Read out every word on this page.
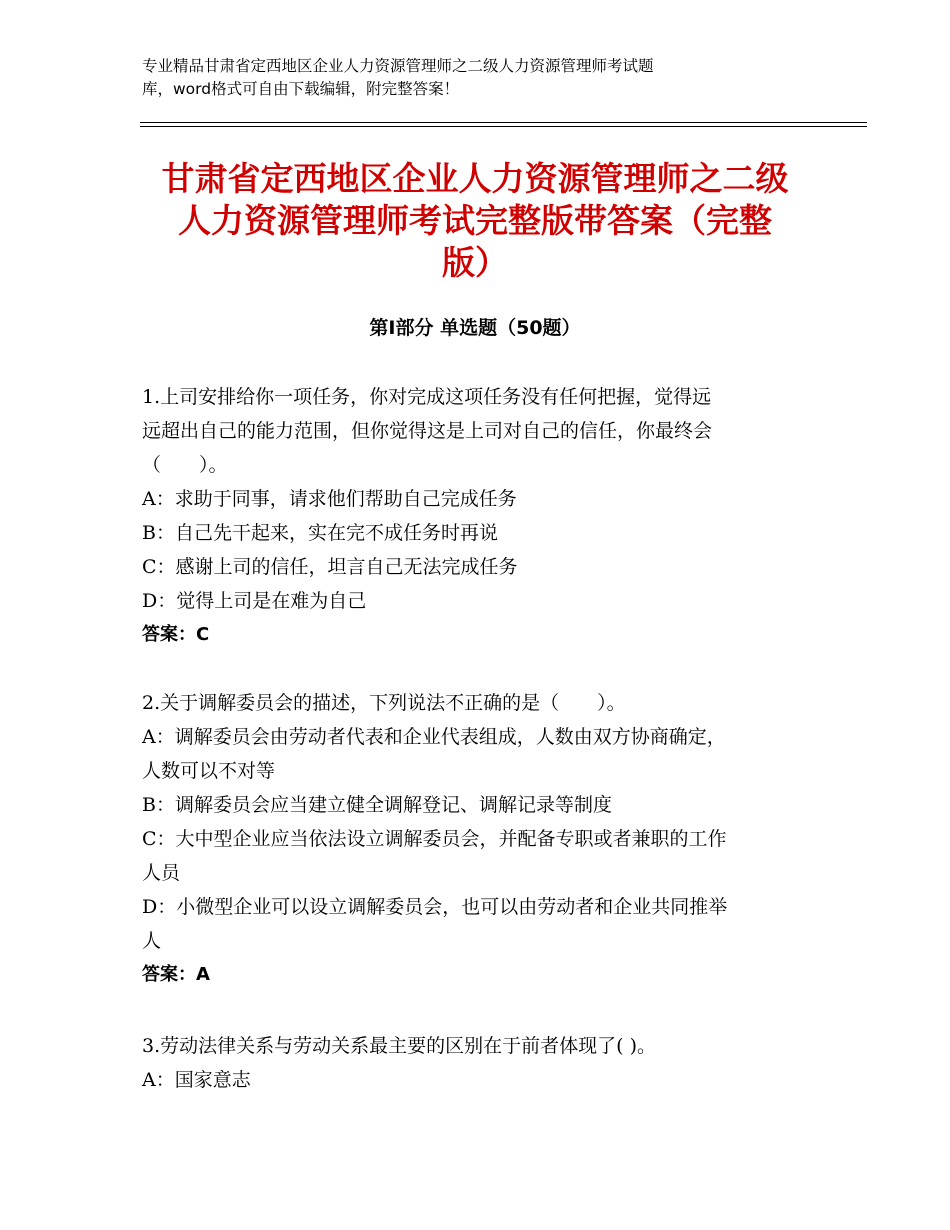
专业精品甘肃省定西地区企业人力资源管理师之二级人力资源管理师考试题
库，word格式可自由下载编辑，附完整答案！
甘肃省定西地区企业人力资源管理师之二级
人力资源管理师考试完整版带答案（完整
版）
第Ⅰ部分 单选题（50题）
1.上司安排给你一项任务，你对完成这项任务没有任何把握，觉得远
远超出自己的能力范围，但你觉得这是上司对自己的信任，你最终会
（　　）。
A：求助于同事，请求他们帮助自己完成任务
B：自己先干起来，实在完不成任务时再说
C：感谢上司的信任，坦言自己无法完成任务
D：觉得上司是在难为自己
答案：C
2.关于调解委员会的描述，下列说法不正确的是（　　）。
A：调解委员会由劳动者代表和企业代表组成，人数由双方协商确定，
人数可以不对等
B：调解委员会应当建立健全调解登记、调解记录等制度
C：大中型企业应当依法设立调解委员会，并配备专职或者兼职的工作
人员
D：小微型企业可以设立调解委员会，也可以由劳动者和企业共同推举
人
答案：A
3.劳动法律关系与劳动关系最主要的区别在于前者体现了( )。
A：国家意志
